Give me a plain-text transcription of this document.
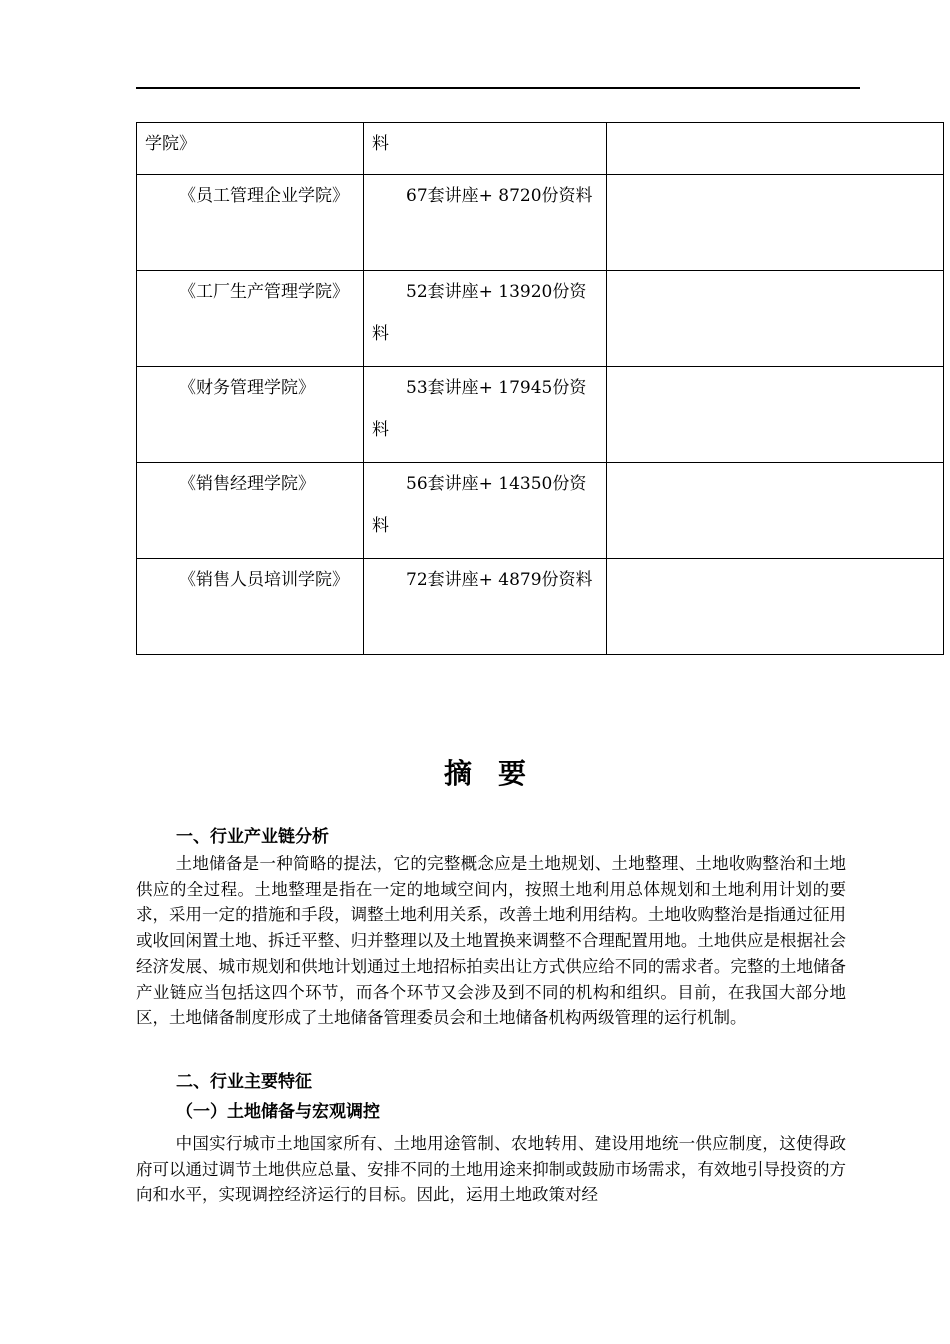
学院》	料	

《员工管理企业学院》	67套讲座+ 8720份资料	

《工厂生产管理学院》	52套讲座+ 13920份资料	

《财务管理学院》	53套讲座+ 17945份资料	

《销售经理学院》	56套讲座+ 14350份资料	

《销售人员培训学院》	72套讲座+ 4879份资料	

摘要
一、行业产业链分析
土地储备是一种简略的提法，它的完整概念应是土地规划、土地整理、土地收购整治和土地供应的全过程。土地整理是指在一定的地域空间内，按照土地利用总体规划和土地利用计划的要求，采用一定的措施和手段，调整土地利用关系，改善土地利用结构。土地收购整治是指通过征用或收回闲置土地、拆迁平整、归并整理以及土地置换来调整不合理配置用地。土地供应是根据社会经济发展、城市规划和供地计划通过土地招标拍卖出让方式供应给不同的需求者。完整的土地储备产业链应当包括这四个环节，而各个环节又会涉及到不同的机构和组织。目前，在我国大部分地区，土地储备制度形成了土地储备管理委员会和土地储备机构两级管理的运行机制。
二、行业主要特征
（一）土地储备与宏观调控
中国实行城市土地国家所有、土地用途管制、农地转用、建设用地统一供应制度，这使得政府可以通过调节土地供应总量、安排不同的土地用途来抑制或鼓励市场需求，有效地引导投资的方向和水平，实现调控经济运行的目标。因此，运用土地政策对经
